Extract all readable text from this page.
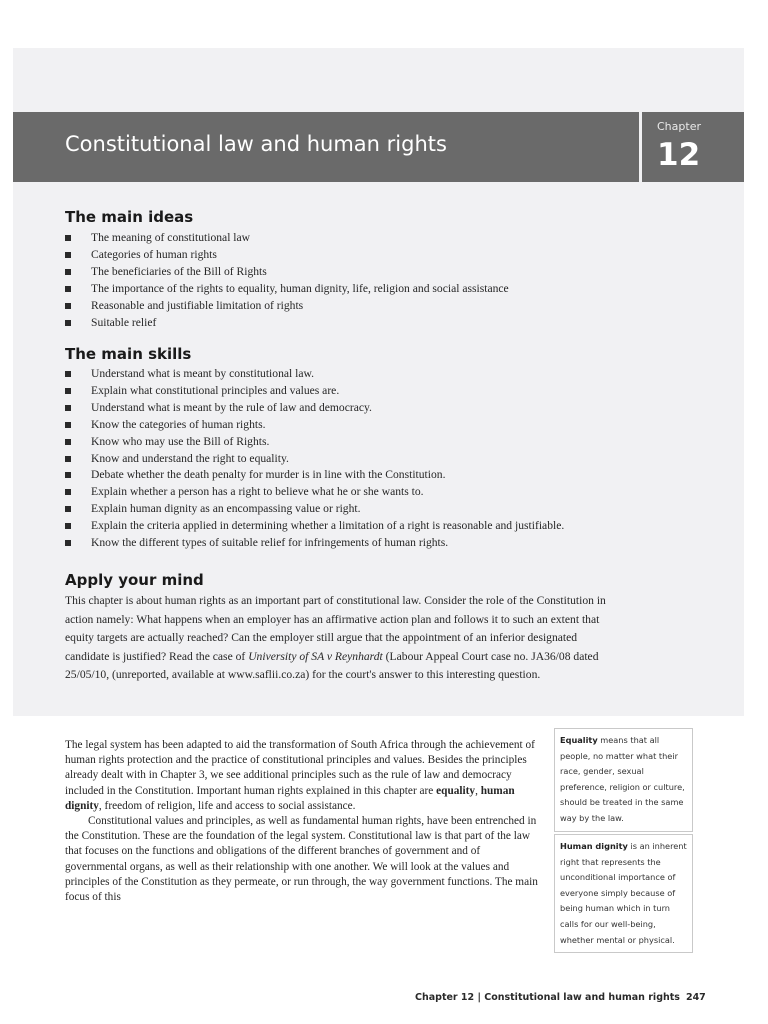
Constitutional law and human rights
Chapter
12
The main ideas
The meaning of constitutional law
Categories of human rights
The beneficiaries of the Bill of Rights
The importance of the rights to equality, human dignity, life, religion and social assistance
Reasonable and justifiable limitation of rights
Suitable relief
The main skills
Understand what is meant by constitutional law.
Explain what constitutional principles and values are.
Understand what is meant by the rule of law and democracy.
Know the categories of human rights.
Know who may use the Bill of Rights.
Know and understand the right to equality.
Debate whether the death penalty for murder is in line with the Constitution.
Explain whether a person has a right to believe what he or she wants to.
Explain human dignity as an encompassing value or right.
Explain the criteria applied in determining whether a limitation of a right is reasonable and justifiable.
Know the different types of suitable relief for infringements of human rights.
Apply your mind

This chapter is about human rights as an important part of constitutional law. Consider the role of the Constitution in action namely: What happens when an employer has an affirmative action plan and follows it to such an extent that equity targets are actually reached? Can the employer still argue that the appointment of an inferior designated candidate is justified? Read the case of University of SA v Reynhardt (Labour Appeal Court case no. JA36/08 dated 25/05/10, (unreported, available at www.saflii.co.za) for the court's answer to this interesting question.

The legal system has been adapted to aid the transformation of South Africa through the achievement of human rights protection and the practice of constitutional principles and values. Besides the principles already dealt with in Chapter 3, we see additional principles such as the rule of law and democracy included in the Constitution. Important human rights explained in this chapter are equality, human dignity, freedom of religion, life and access to social assistance.

Constitutional values and principles, as well as fundamental human rights, have been entrenched in the Constitution. These are the foundation of the legal system. Constitutional law is that part of the law that focuses on the functions and obligations of the different branches of government and of governmental organs, as well as their relationship with one another. We will look at the values and principles of the Constitution as they permeate, or run through, the way government functions. The main focus of this

Equality means that all people, no matter what their race, gender, sexual preference, religion or culture, should be treated in the same way by the law.
Human dignity is an inherent right that represents the unconditional importance of everyone simply because of being human which in turn calls for our well-being, whether mental or physical.
Chapter 12 | Constitutional law and human rights 247
